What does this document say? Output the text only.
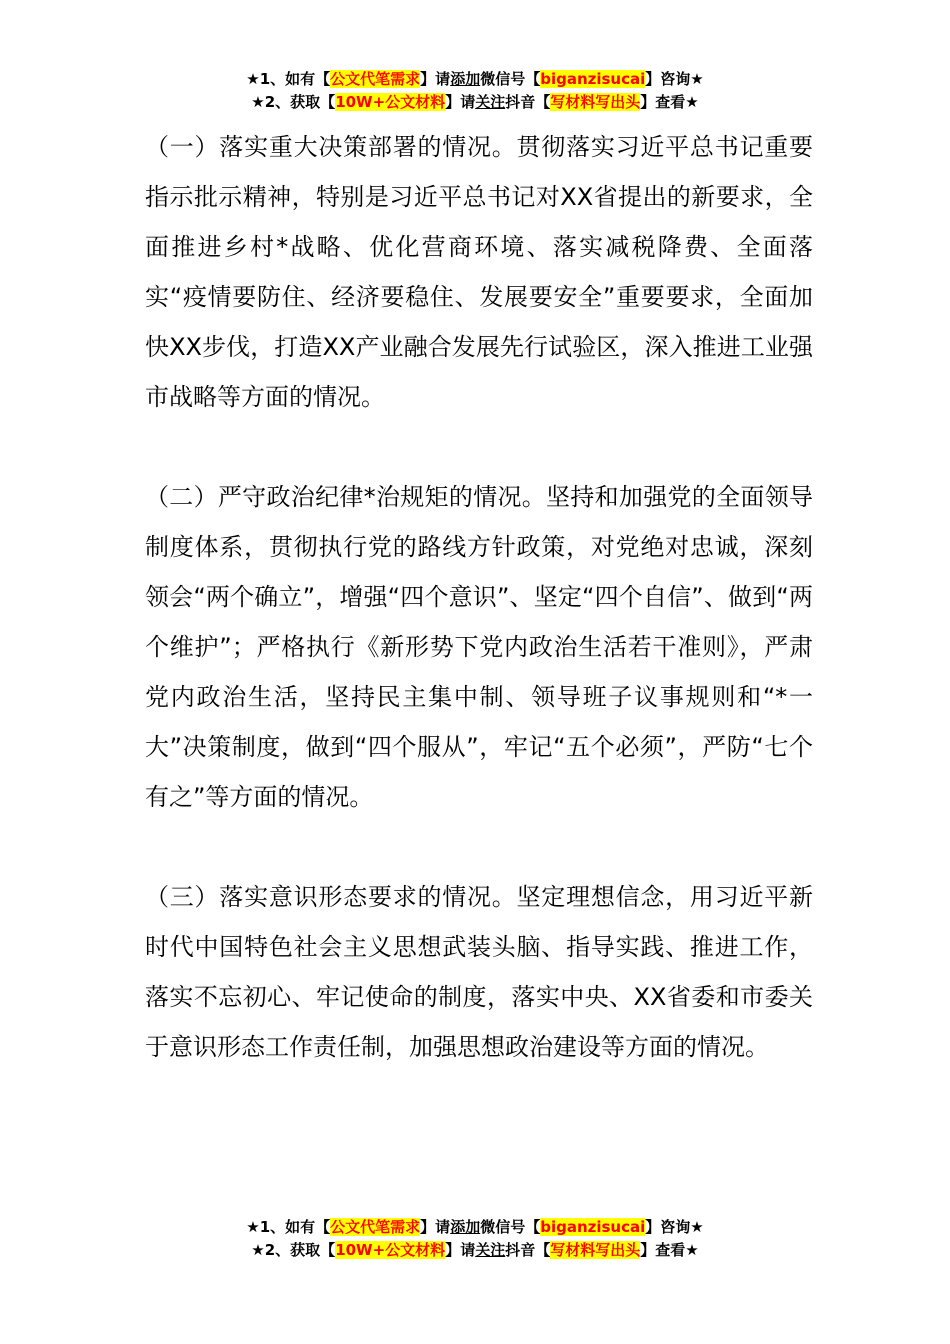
★1、如有【公文代笔需求】请添加微信号【biganzisucai】咨询★
★2、获取【10W+公文材料】请关注抖音【写材料写出头】查看★

（一）落实重大决策部署的情况。贯彻落实习近平总书记重要指示批示精神，特别是习近平总书记对XX省提出的新要求，全面推进乡村*战略、优化营商环境、落实减税降费、全面落实“疫情要防住、经济要稳住、发展要安全”重要要求，全面加快XX步伐，打造XX产业融合发展先行试验区，深入推进工业强市战略等方面的情况。

（二）严守政治纪律*治规矩的情况。坚持和加强党的全面领导制度体系，贯彻执行党的路线方针政策，对党绝对忠诚，深刻领会“两个确立”，增强“四个意识”、坚定“四个自信”、做到“两个维护”；严格执行《新形势下党内政治生活若干准则》，严肃党内政治生活，坚持民主集中制、领导班子议事规则和“*一大”决策制度，做到“四个服从”，牢记“五个必须”，严防“七个有之”等方面的情况。

（三）落实意识形态要求的情况。坚定理想信念，用习近平新时代中国特色社会主义思想武装头脑、指导实践、推进工作，落实不忘初心、牢记使命的制度，落实中央、XX省委和市委关于意识形态工作责任制，加强思想政治建设等方面的情况。

★1、如有【公文代笔需求】请添加微信号【biganzisucai】咨询★
★2、获取【10W+公文材料】请关注抖音【写材料写出头】查看★
